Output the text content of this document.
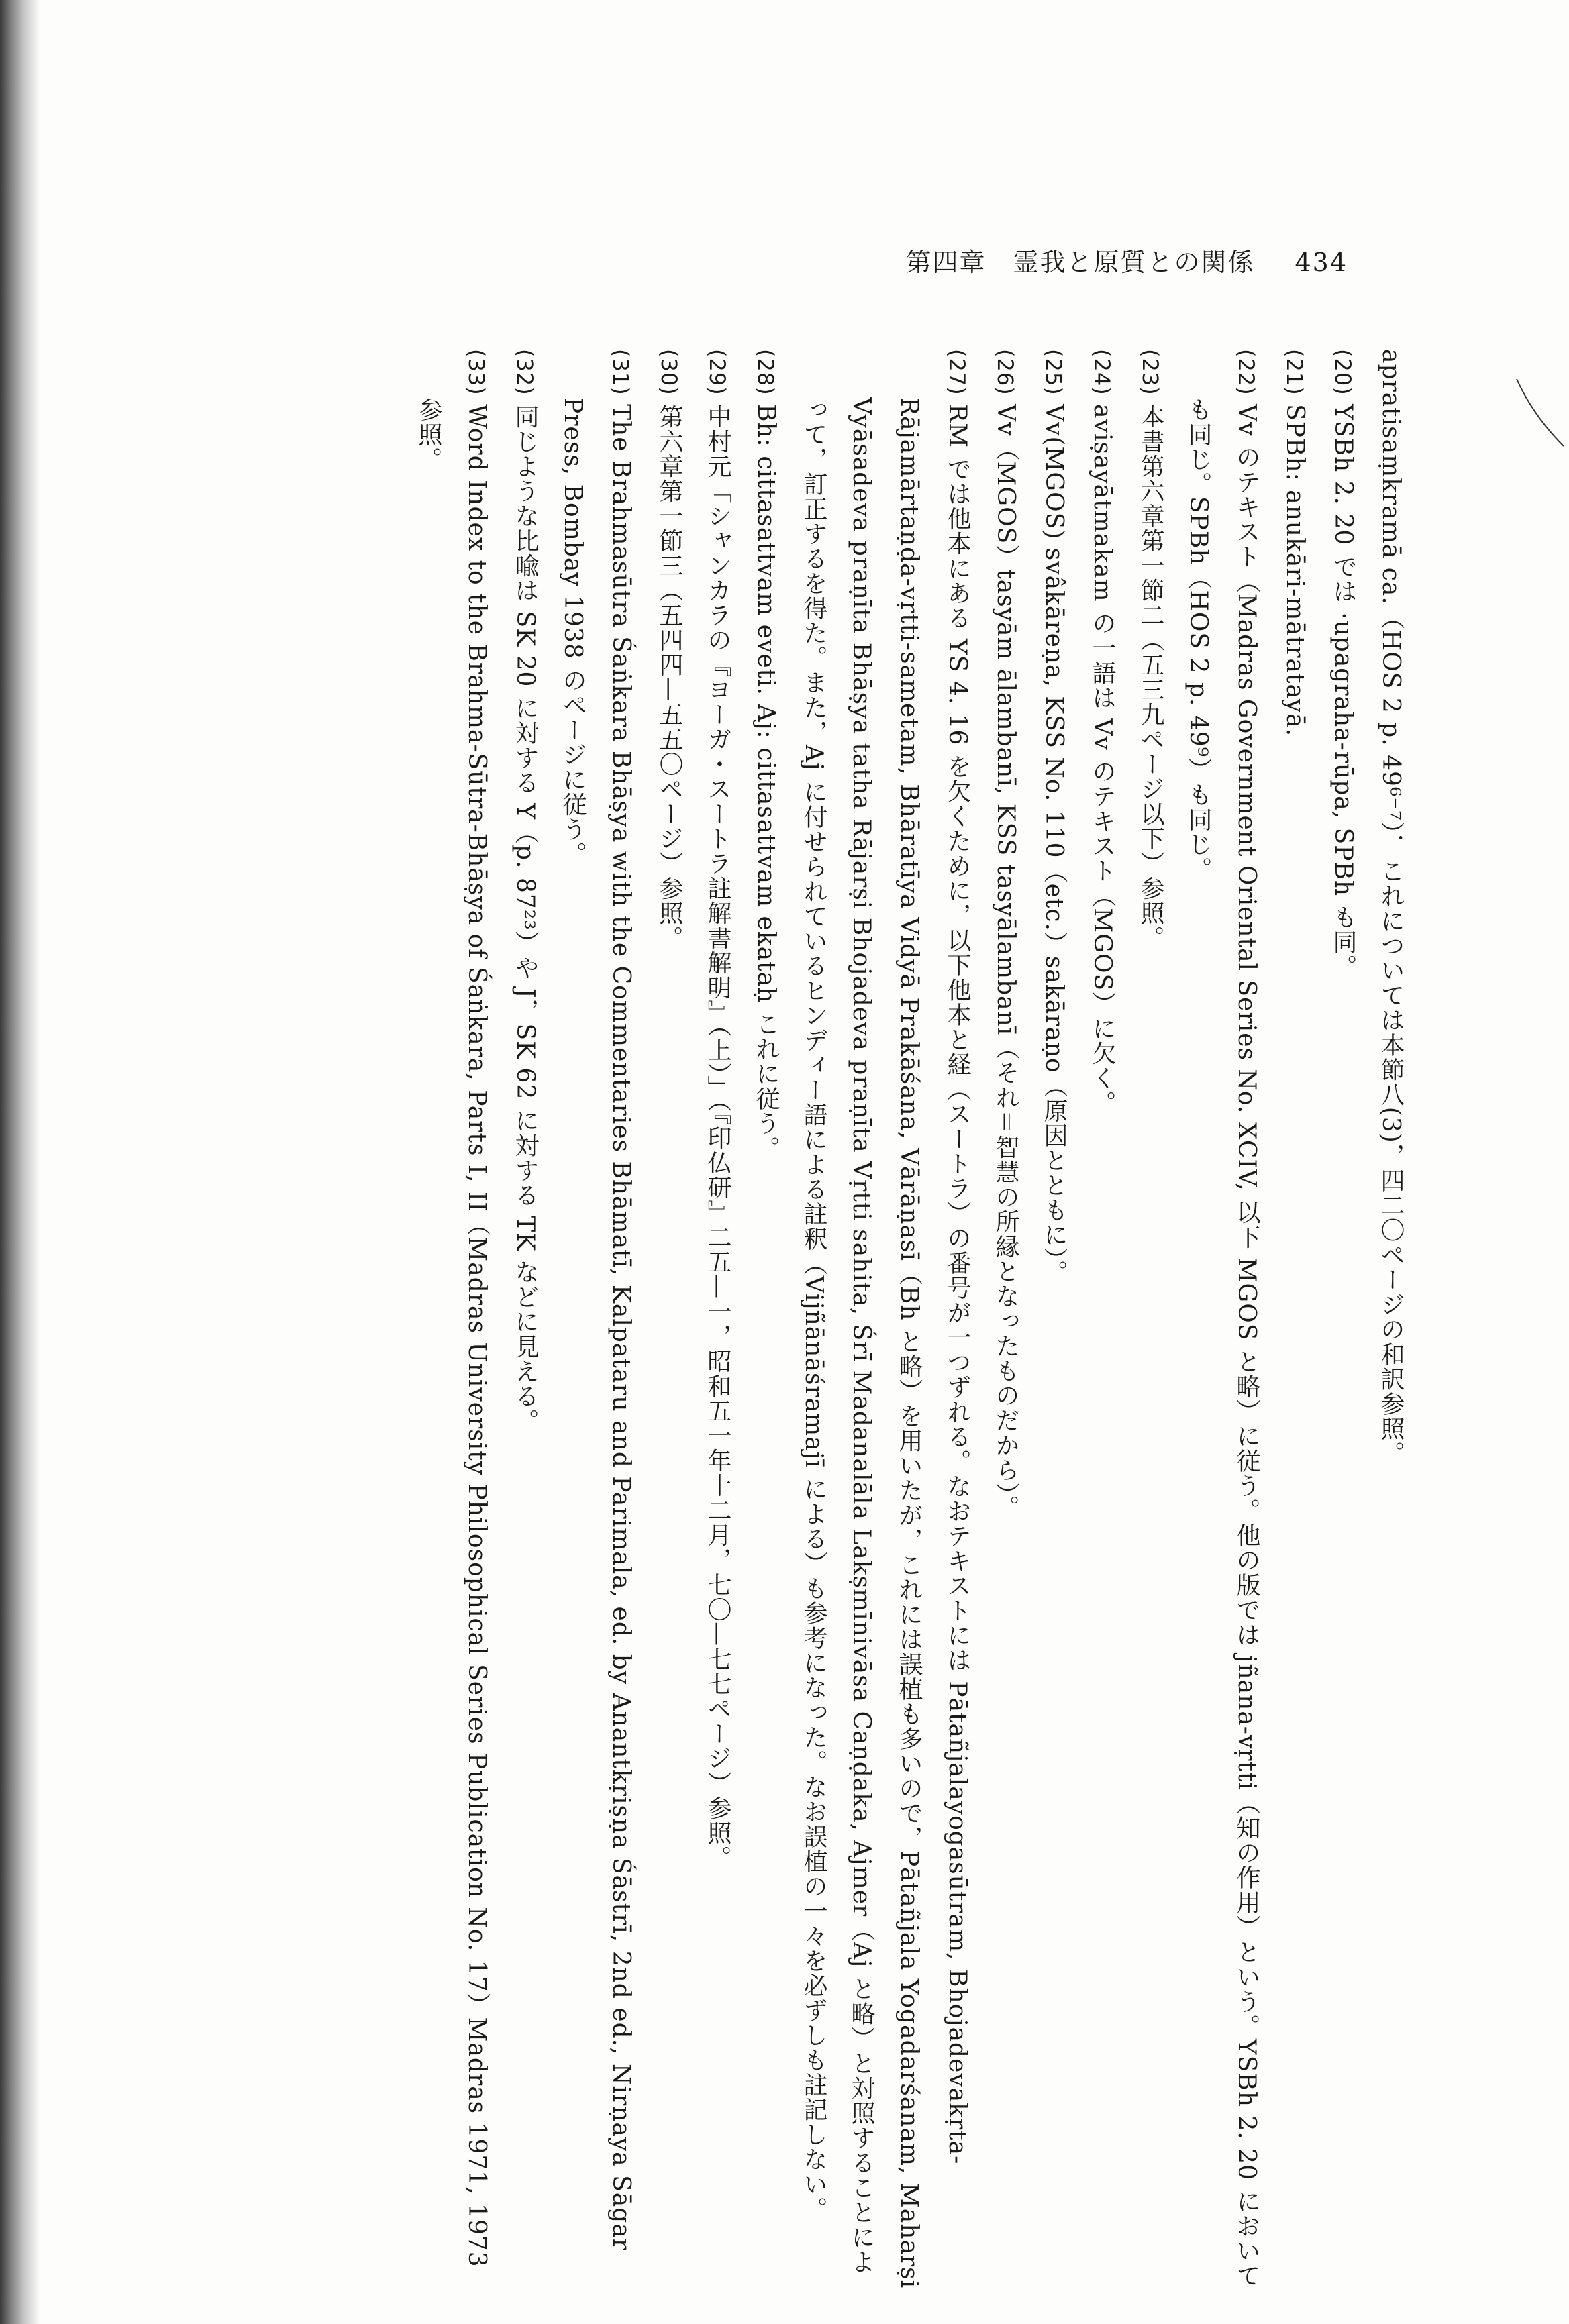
第四章　霊我と原質との関係 434

apratisaṃkramā ca.（HOS 2 p. 49⁶⁻⁷）．これについては本節八(3)，四二〇ページの和訳参照。

(20) YSBh 2. 20 では ·upagraha-rūpa, SPBh も同。

(21) SPBh: anukāri-mātratayā.

(22) Vv のテキスト（Madras Government Oriental Series No. XCIV, 以下 MGOS と略）に従う。他の版では jñana-vṛtti（知の作用）という。YSBh 2. 20 においても同じ。SPBh（HOS 2 p. 49⁹）も同じ。

(23) 本書第六章第一節二（五三九ページ以下）参照。

(24) aviṣayātmakam の一語は Vv のテキスト（MGOS）に欠く。

(25) Vv(MGOS) svâkāreṇa, KSS No. 110（etc.）sakāraṇo（原因とともに）。

(26) Vv（MGOS）tasyām ālambanī, KSS tasyālambanī（それ＝智慧の所縁となったものだから）。

(27) RM では他本にある YS 4. 16 を欠くために，以下他本と経（スートラ）の番号が一つずれる。なおテキストには Pātañjalayogasūtram, Bhojadevakṛta-Rājamārtaṇḍa-vṛtti-sametam, Bhāratīya Vidyā Prakāśana, Vārāṇasī（Bh と略）を用いたが，これには誤植も多いので，Pātañjala Yogadarśanam, Maharṣi Vyāsadeva praṇīta Bhāṣya tatha Rājarṣi Bhojadeva praṇīta Vṛtti sahita, Śrī Madanalāla Lakṣmīnivāsa Caṇḍaka, Ajmer（Aj と略）と対照することによって，訂正するを得た。また，Aj に付せられているヒンディー語による註釈（Vijñānāśramajī による）も参考になった。なお誤植の一々を必ずしも註記しない。

(28) Bh: cittasattvam eveti. Aj: cittasattvam ekataḥ これに従う。

(29) 中村元「シャンカラの『ヨーガ・スートラ註解書解明』（上）」（『印仏研』二五—一，昭和五一年十二月，七〇—七七ページ）参照。

(30) 第六章第一節三（五四四—五五〇ページ）参照。

(31) The Brahmasūtra Śaṅkara Bhāṣya with the Commentaries Bhāmatī, Kalpataru and Parimala, ed. by Anantkṛiṣṇa Śāstrī, 2nd ed., Nirṇaya Sāgar Press, Bombay 1938 のページに従う。

(32) 同じような比喩は SK 20 に対する Y（p. 87²³）や J，SK 62 に対する TK などに見える。

(33) Word Index to the Brahma-Sūtra-Bhāṣya of Śaṅkara, Parts I, II（Madras University Philosophical Series Publication No. 17）Madras 1971, 1973 参照。
